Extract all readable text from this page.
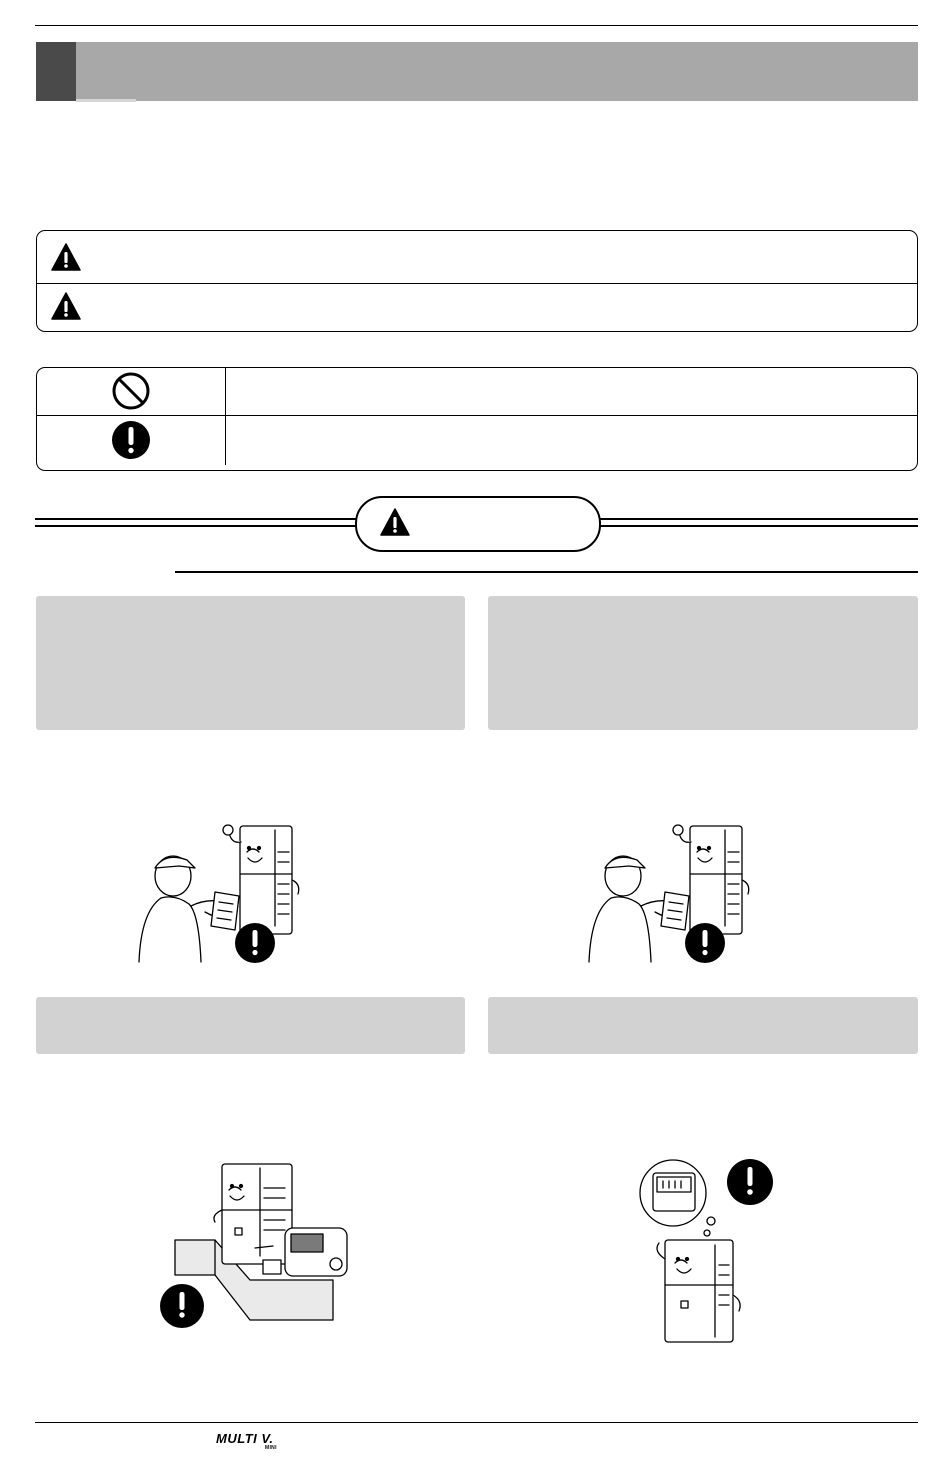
MULTI V.
MINI
